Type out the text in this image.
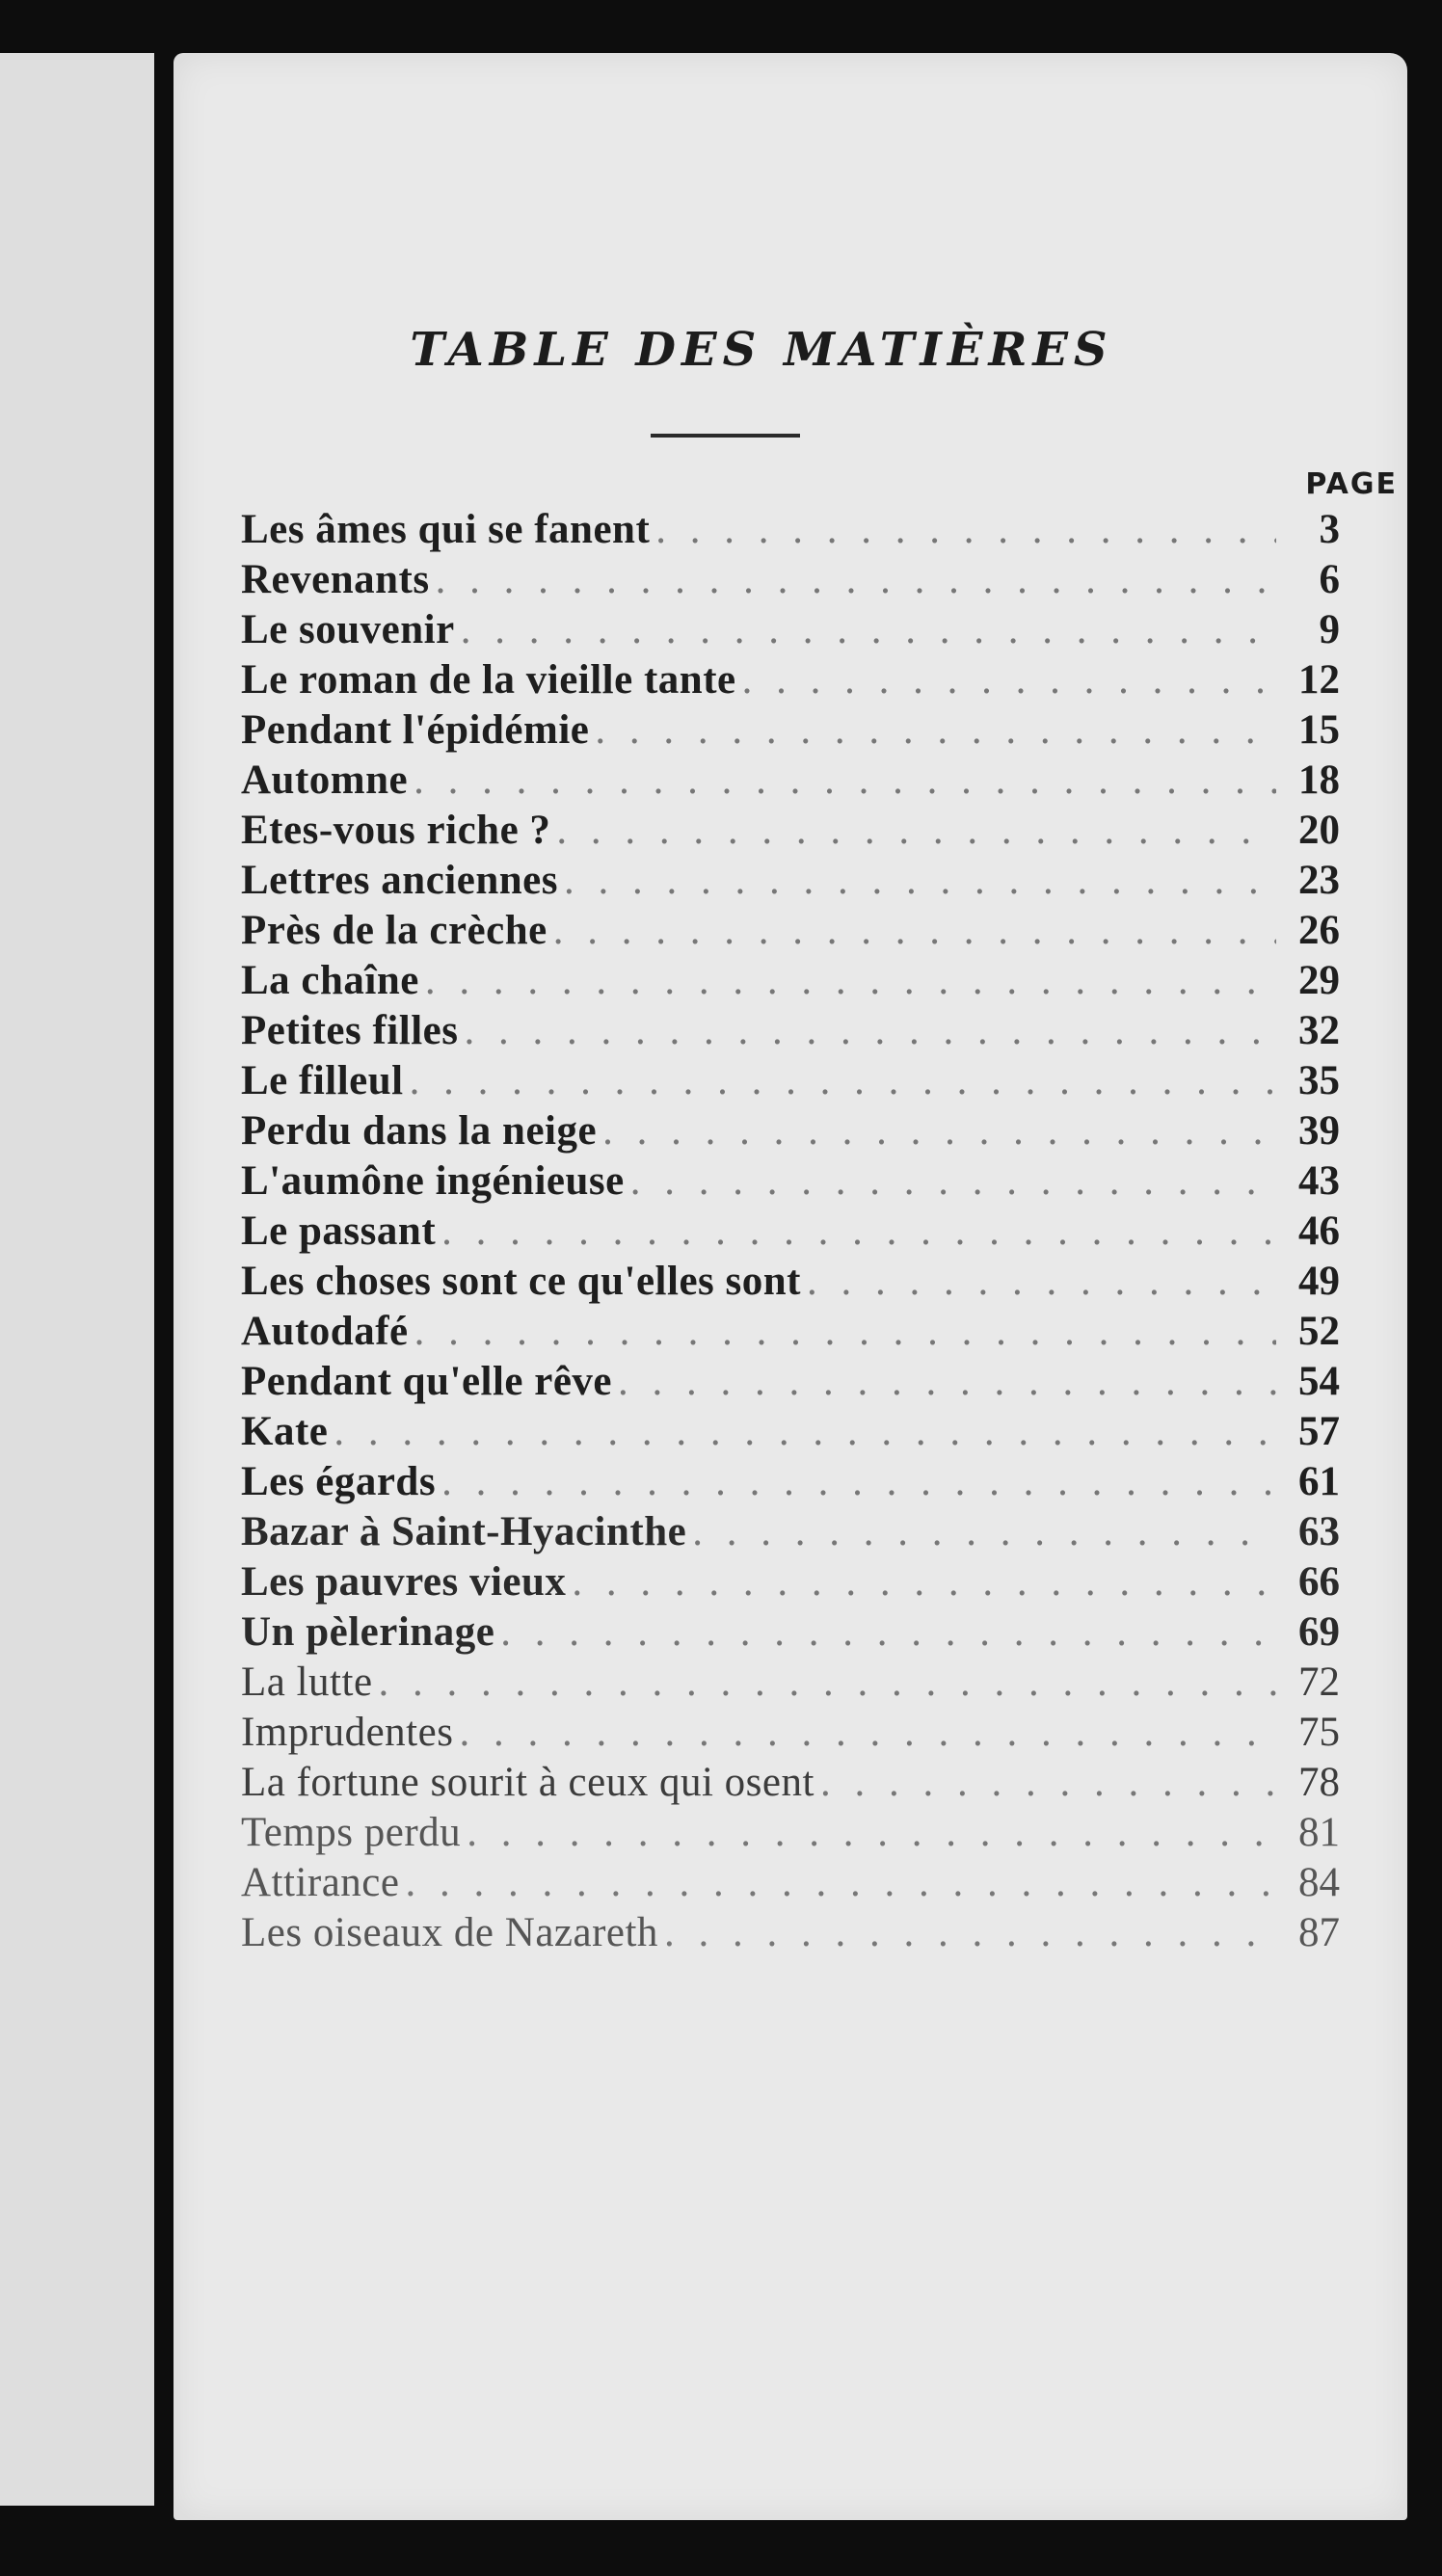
TABLE DES MATIÈRES
PAGE
Les âmes qui se fanent . . .	3
Revenants . . .	6
Le souvenir . . .	9
Le roman de la vieille tante . . .	12
Pendant l'épidémie . . .	15
Automne . . .	18
Etes-vous riche ? . . .	20
Lettres anciennes . . .	23
Près de la crèche . . .	26
La chaîne . . .	29
Petites filles . . .	32
Le filleul . . .	35
Perdu dans la neige . . .	39
L'aumône ingénieuse . . .	43
Le passant . . .	46
Les choses sont ce qu'elles sont . . .	49
Autodafé . . .	52
Pendant qu'elle rêve . . .	54
Kate . . .	57
Les égards . . .	61
Bazar à Saint-Hyacinthe . . .	63
Les pauvres vieux . . .	66
Un pèlerinage . . .	69
La lutte . . .	72
Imprudentes . . .	75
La fortune sourit à ceux qui osent . . .	78
Temps perdu . . .	81
Attirance . . .	84
Les oiseaux de Nazareth . . .	87
